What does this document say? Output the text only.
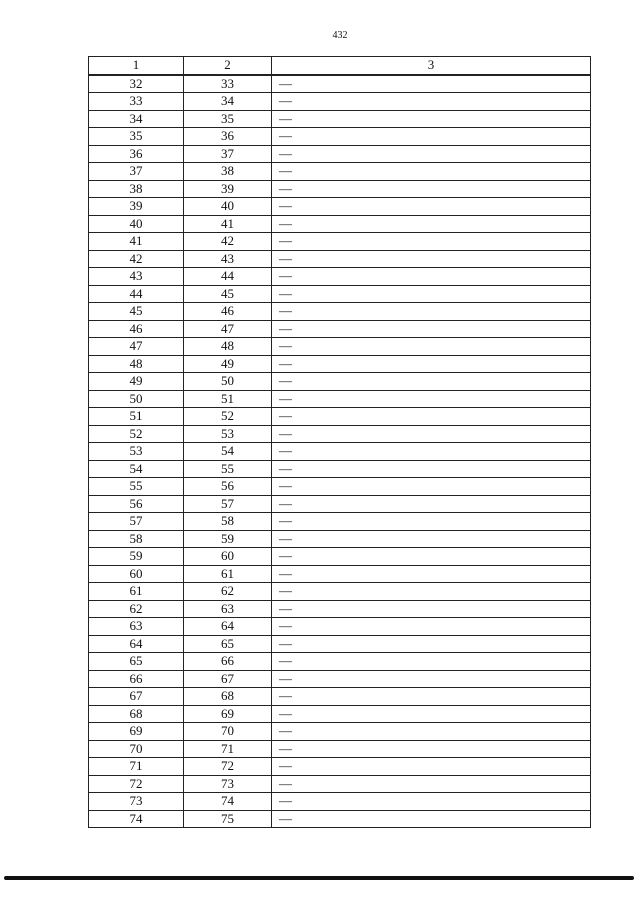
432
1	2	3
32	33	—
33	34	—
34	35	—
35	36	—
36	37	—
37	38	—
38	39	—
39	40	—
40	41	—
41	42	—
42	43	—
43	44	—
44	45	—
45	46	—
46	47	—
47	48	—
48	49	—
49	50	—
50	51	—
51	52	—
52	53	—
53	54	—
54	55	—
55	56	—
56	57	—
57	58	—
58	59	—
59	60	—
60	61	—
61	62	—
62	63	—
63	64	—
64	65	—
65	66	—
66	67	—
67	68	—
68	69	—
69	70	—
70	71	—
71	72	—
72	73	—
73	74	—
74	75	—
